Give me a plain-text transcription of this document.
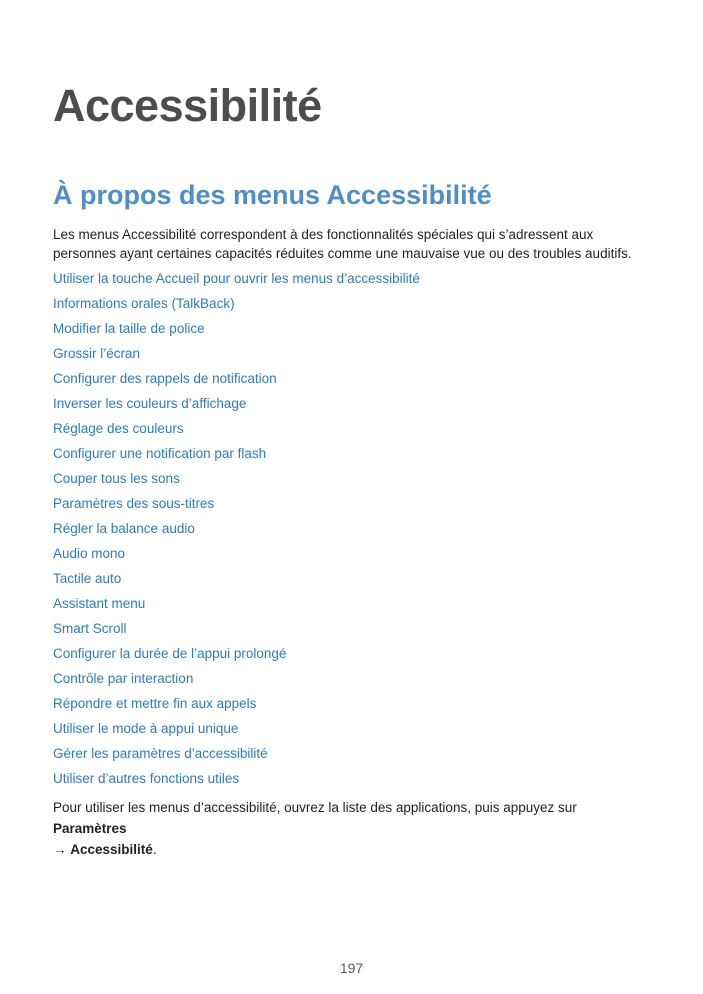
Accessibilité
À propos des menus Accessibilité

Les menus Accessibilité correspondent à des fonctionnalités spéciales qui s’adressent aux personnes ayant certaines capacités réduites comme une mauvaise vue ou des troubles auditifs.

Utiliser la touche Accueil pour ouvrir les menus d’accessibilité
Informations orales (TalkBack)
Modifier la taille de police
Grossir l’écran
Configurer des rappels de notification
Inverser les couleurs d’affichage
Réglage des couleurs
Configurer une notification par flash
Couper tous les sons
Paramètres des sous-titres
Régler la balance audio
Audio mono
Tactile auto
Assistant menu
Smart Scroll
Configurer la durée de l’appui prolongé
Contrôle par interaction
Répondre et mettre fin aux appels
Utiliser le mode à appui unique
Gérer les paramètres d’accessibilité
Utiliser d’autres fonctions utiles

Pour utiliser les menus d’accessibilité, ouvrez la liste des applications, puis appuyez sur Paramètres
→ Accessibilité.

197
